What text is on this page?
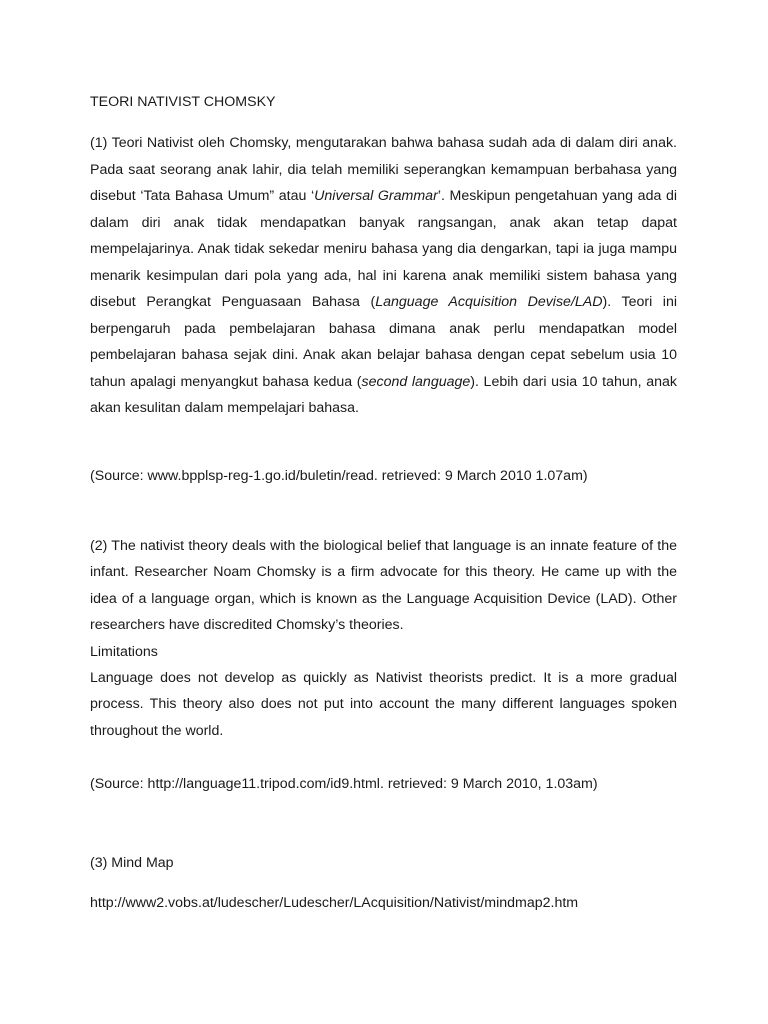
TEORI NATIVIST CHOMSKY

(1) Teori Nativist oleh Chomsky, mengutarakan bahwa bahasa sudah ada di dalam diri anak. Pada saat seorang anak lahir, dia telah memiliki seperangkan kemampuan berbahasa yang disebut ‘Tata Bahasa Umum” atau ‘Universal Grammar’. Meskipun pengetahuan yang ada di dalam diri anak tidak mendapatkan banyak rangsangan, anak akan tetap dapat mempelajarinya. Anak tidak sekedar meniru bahasa yang dia dengarkan, tapi ia juga mampu menarik kesimpulan dari pola yang ada, hal ini karena anak memiliki sistem bahasa yang disebut Perangkat Penguasaan Bahasa (Language Acquisition Devise/LAD). Teori ini berpengaruh pada pembelajaran bahasa dimana anak perlu mendapatkan model pembelajaran bahasa sejak dini. Anak akan belajar bahasa dengan cepat sebelum usia 10 tahun apalagi menyangkut bahasa kedua (second language). Lebih dari usia 10 tahun, anak akan kesulitan dalam mempelajari bahasa.

(Source: www.bpplsp-reg-1.go.id/buletin/read. retrieved: 9 March 2010 1.07am)

(2) The nativist theory deals with the biological belief that language is an innate feature of the infant. Researcher Noam Chomsky is a firm advocate for this theory. He came up with the idea of a language organ, which is known as the Language Acquisition Device (LAD). Other researchers have discredited Chomsky’s theories.

Limitations

Language does not develop as quickly as Nativist theorists predict. It is a more gradual process. This theory also does not put into account the many different languages spoken throughout the world.

(Source: http://language11.tripod.com/id9.html. retrieved: 9 March 2010, 1.03am)

(3) Mind Map

http://www2.vobs.at/ludescher/Ludescher/LAcquisition/Nativist/mindmap2.htm
